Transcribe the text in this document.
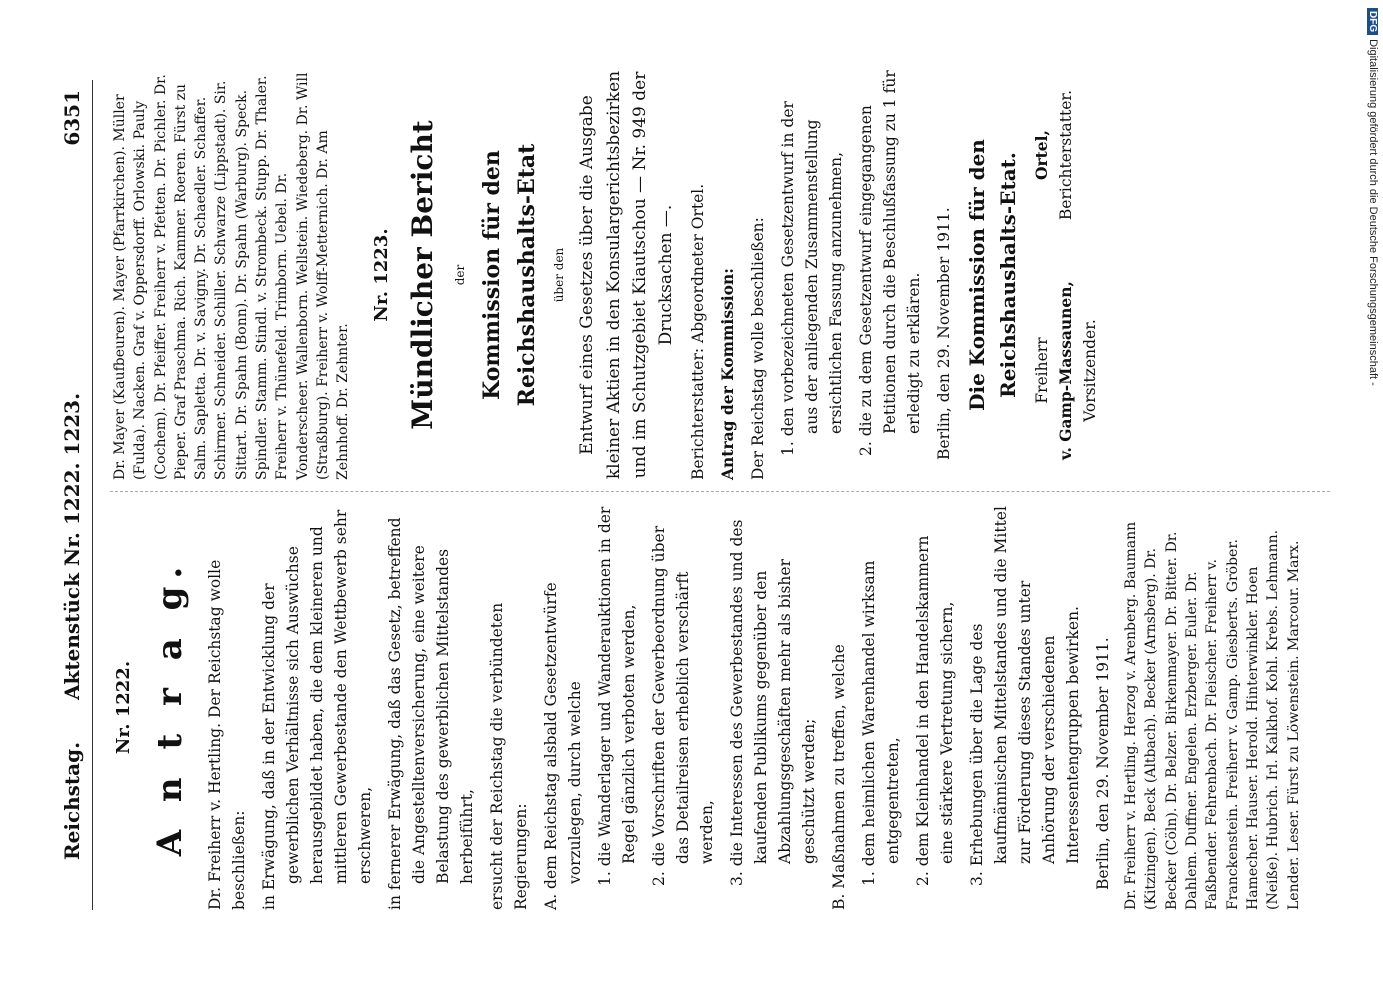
Reichstag.
Aktenstück Nr. 1222. 1223.
6351

Nr. 1222. A n t r a g.	Dr. Freiherr v. Hertling. Der Reichstag wolle beschließen: in Erwägung, daß in der Entwicklung der gewerblichen Verhältnisse sich Auswüchse herausgebildet haben, die dem kleineren und mittleren Gewerbestande den Wettbewerb sehr erschweren, in fernerer Erwägung, daß das Gesetz, betreffend die Angestelltenversicherung, eine weitere Belastung des gewerblichen Mittelstandes herbeiführt, ersucht der Reichstag die verbündeten Regierungen: A. dem Reichstag alsbald Gesetzentwürfe vorzulegen, durch welche 1. die Wanderlager und Wanderauktionen in der Regel gänzlich verboten werden, 2. die Vorschriften der Gewerbeordnung über das Detailreisen erheblich verschärft werden, 3. die Interessen des Gewerbestandes und des kaufenden Publikums gegenüber den Abzahlungsgeschäften mehr als bisher geschützt werden; B. Maßnahmen zu treffen, welche 1. dem heimlichen Warenhandel wirksam entgegentreten, 2. dem Kleinhandel in den Handelskammern eine stärkere Vertretung sichern, 3. Erhebungen über die Lage des kaufmännischen Mittelstandes und die Mittel zur Förderung dieses Standes unter Anhörung der verschiedenen Interessentengruppen bewirken. Berlin, den 29. November 1911. Dr. Freiherr v. Hertling. Herzog v. Arenberg. Baumann (Kitzingen). Beck (Altbach). Becker (Arnsberg). Dr. Becker (Cöln). Dr. Belzer. Birkenmayer. Dr. Bitter. Dr. Dahlem. Duffner. Engelen. Erzberger. Euler. Dr. Faßbender. Fehrenbach. Dr. Fleischer. Freiherr v. Franckenstein. Freiherr v. Gamp. Giesberts. Gröber. Hamecher. Hauser. Herold. Hinterwinkler. Hoen (Neiße). Hubrich. Irl. Kalkhof. Kohl. Krebs. Lehmann. Lender. Leser. Fürst zu Löwenstein. Marcour. Marx.

Dr. Mayer (Kaufbeuren). Mayer (Pfarrkirchen). Müller (Fulda). Nacken. Graf v. Oppersdorff. Orlowski. Pauly (Cochem). Dr. Pfeiffer. Freiherr v. Pfetten. Dr. Pichler. Dr. Pieper. Graf Praschma. Rich. Kammer. Roeren. Fürst zu Salm. Sapletta. Dr. v. Savigny. Dr. Schaedler. Schaffer. Schirmer. Schneider. Schiller. Schwarze (Lippstadt). Sir. Sittart. Dr. Spahn (Bonn). Dr. Spahn (Warburg). Speck. Spindler. Stamm. Stindl. v. Strombeck. Stupp. Dr. Thaler. Freiherr v. Thünefeld. Trimborn. Uebel. Dr. Vonderscheer. Wallenborn. Wellstein. Wiedeberg. Dr. Will (Straßburg). Freiherr v. Wolff-Metternich. Dr. Am Zehnhoff. Dr. Zehnter.

Nr. 1223. Mündlicher Bericht	der Kommission für den Reichshaushalts-Etat	über den Entwurf eines Gesetzes über die Ausgabe kleiner Aktien in den Konsulargerichtsbezirken und im Schutzgebiet Kiautschou — Nr. 949 der Drucksachen —. Berichterstatter: Abgeordneter Ortel. Antrag der Kommission: Der Reichstag wolle beschließen: 1. den vorbezeichneten Gesetzentwurf in der aus der anliegenden Zusammenstellung ersichtlichen Fassung anzunehmen, 2. die zu dem Gesetzentwurf eingegangenen Petitionen durch die Beschlußfassung zu 1 für erledigt zu erklären. Berlin, den 29. November 1911. Die Kommission für den Reichshaushalts-Etat. Freiherr v. Gamp-Massaunen, Vorsitzender.
Ortel, Berichterstatter.
DFGDigitalisierung gefördert durch die Deutsche Forschungsgemeinschaft -
